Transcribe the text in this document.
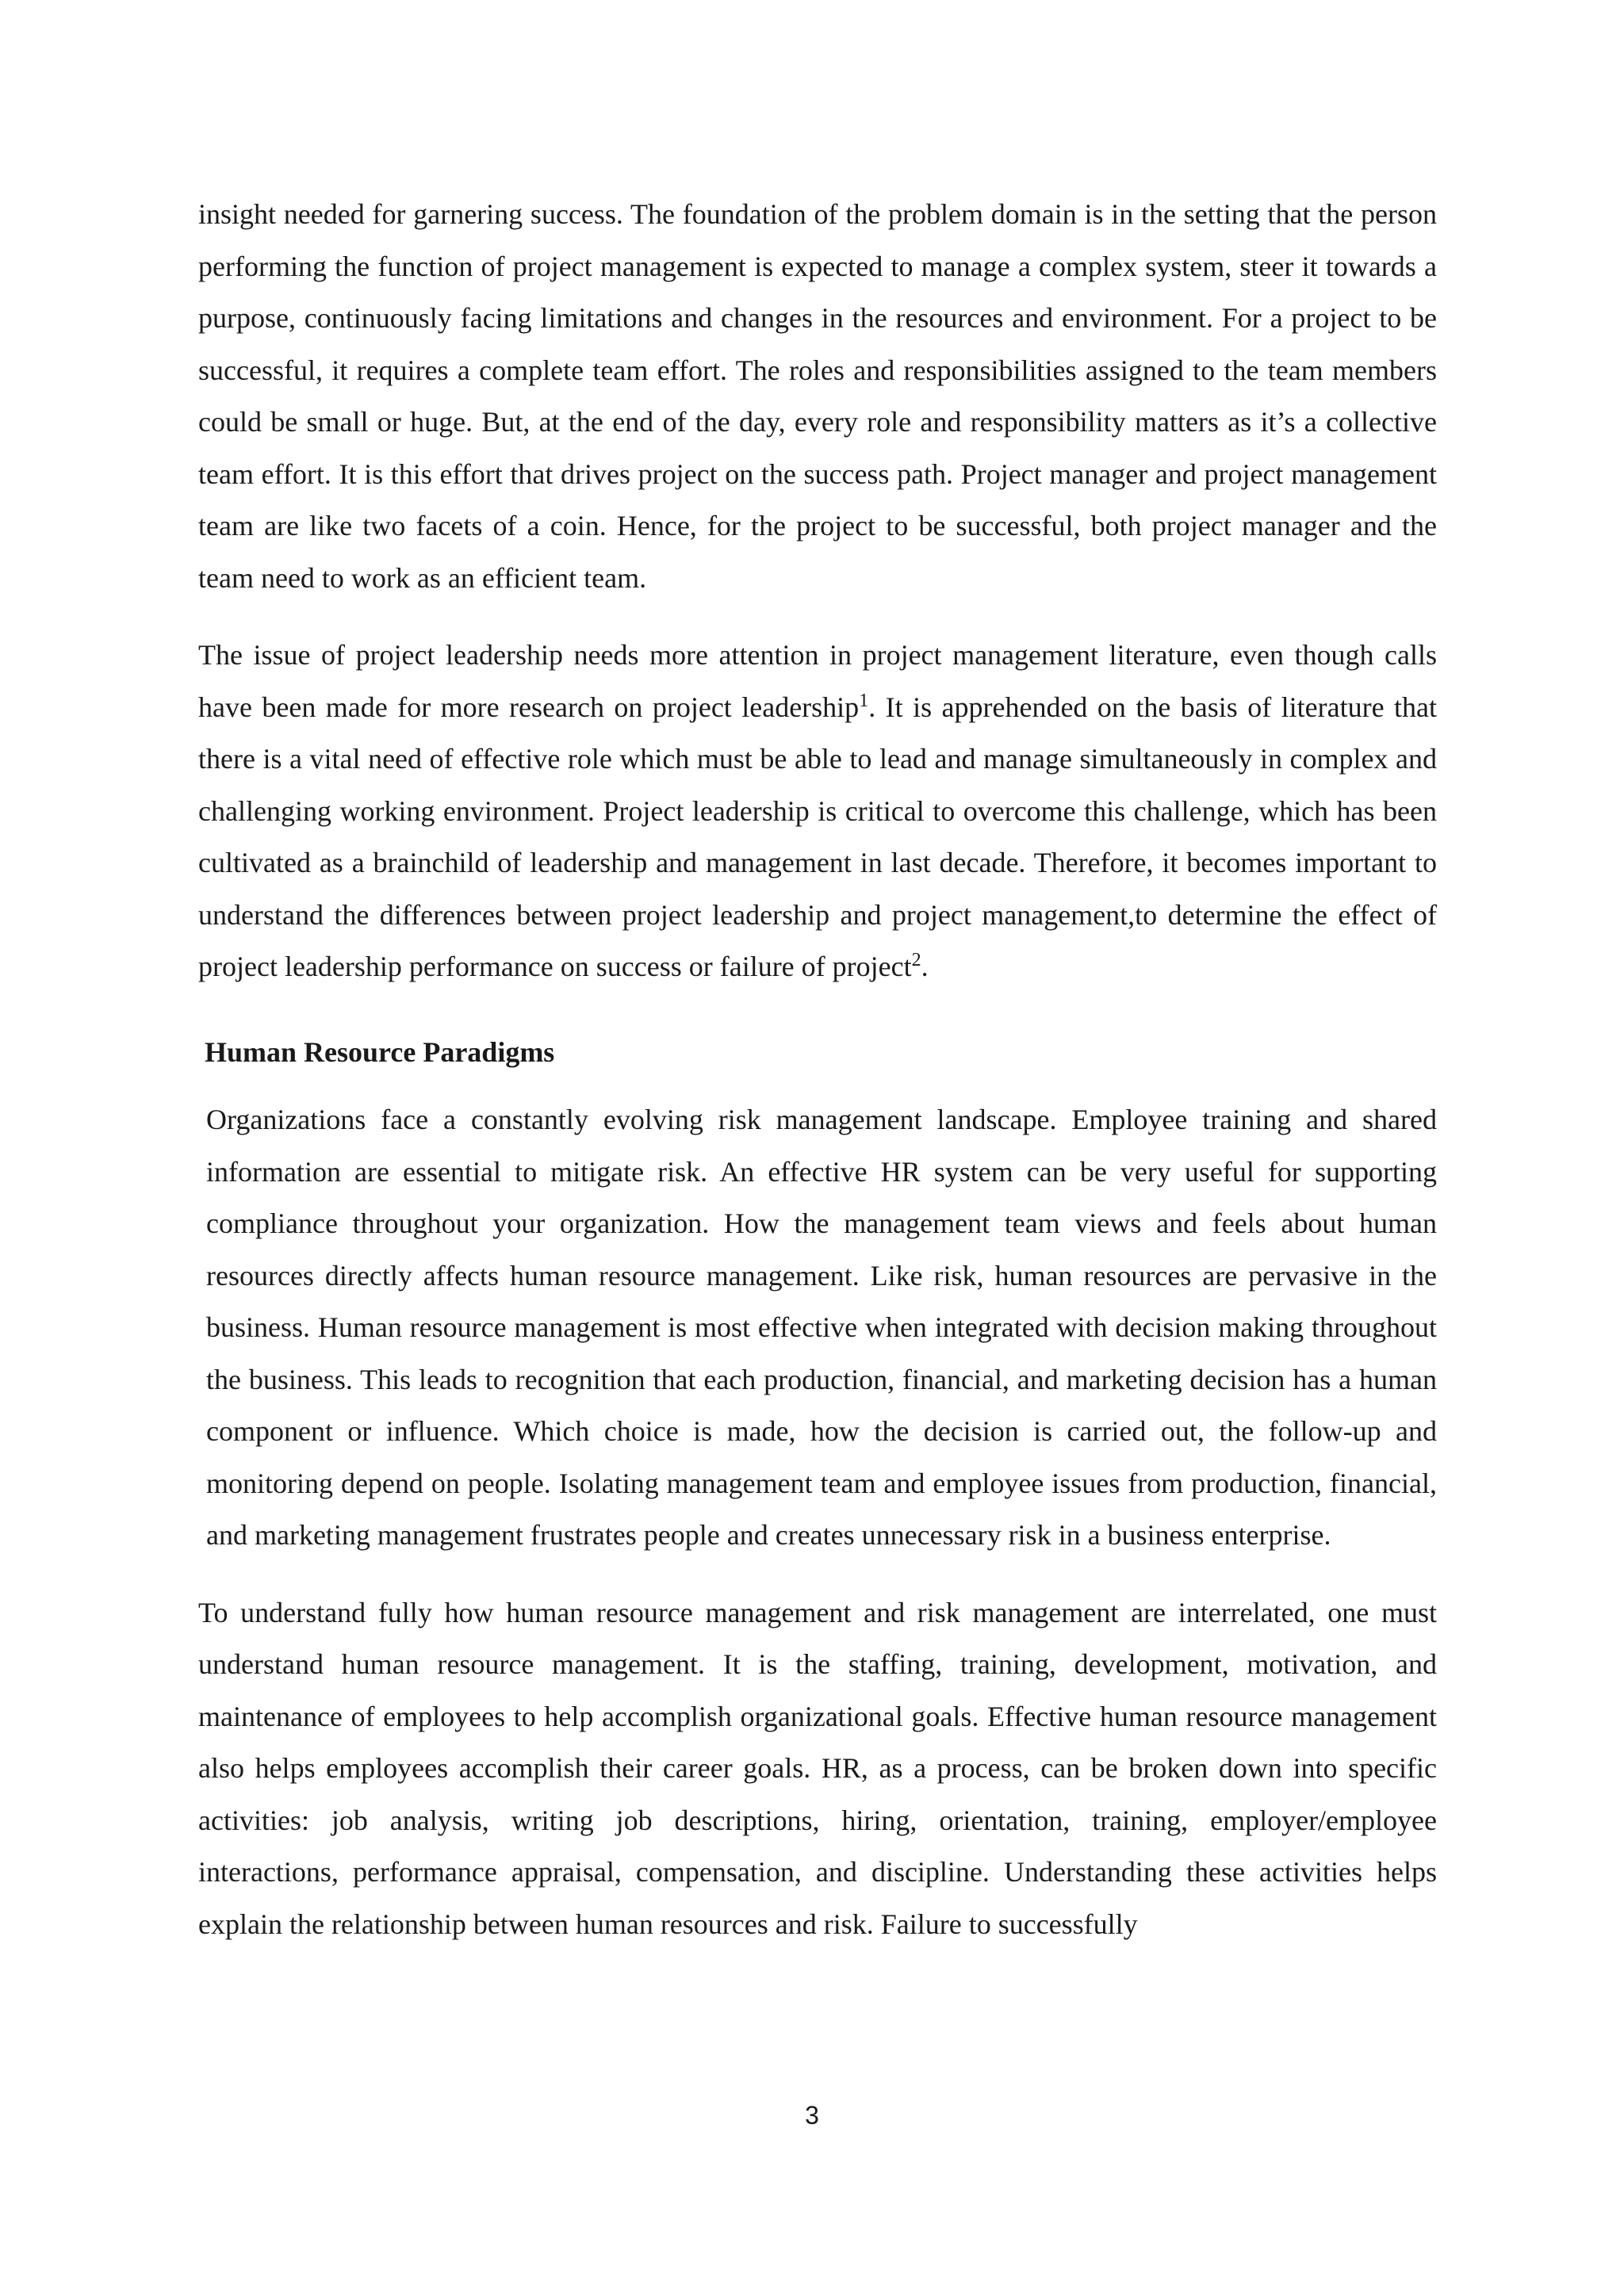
insight needed for garnering success. The foundation of the problem domain is in the setting that the person performing the function of project management is expected to manage a complex system, steer it towards a purpose, continuously facing limitations and changes in the resources and environment. For a project to be successful, it requires a complete team effort. The roles and responsibilities assigned to the team members could be small or huge. But, at the end of the day, every role and responsibility matters as it’s a collective team effort. It is this effort that drives project on the success path. Project manager and project management team are like two facets of a coin. Hence, for the project to be successful, both project manager and the team need to work as an efficient team.

The issue of project leadership needs more attention in project management literature, even though calls have been made for more research on project leadership$^1$. It is apprehended on the basis of literature that there is a vital need of effective role which must be able to lead and manage simultaneously in complex and challenging working environment. Project leadership is critical to overcome this challenge, which has been cultivated as a brainchild of leadership and management in last decade. Therefore, it becomes important to understand the differences between project leadership and project management,to determine the effect of project leadership performance on success or failure of project$^2$.

Human Resource Paradigms

Organizations face a constantly evolving risk management landscape. Employee training and shared information are essential to mitigate risk. An effective HR system can be very useful for supporting compliance throughout your organization. How the management team views and feels about human resources directly affects human resource management. Like risk, human resources are pervasive in the business. Human resource management is most effective when integrated with decision making throughout the business. This leads to recognition that each production, financial, and marketing decision has a human component or influence. Which choice is made, how the decision is carried out, the follow-up and monitoring depend on people. Isolating management team and employee issues from production, financial, and marketing management frustrates people and creates unnecessary risk in a business enterprise.

To understand fully how human resource management and risk management are interrelated, one must understand human resource management. It is the staffing, training, development, motivation, and maintenance of employees to help accomplish organizational goals. Effective human resource management also helps employees accomplish their career goals. HR, as a process, can be broken down into specific activities: job analysis, writing job descriptions, hiring, orientation, training, employer/employee interactions, performance appraisal, compensation, and discipline. Understanding these activities helps explain the relationship between human resources and risk. Failure to successfully

3
